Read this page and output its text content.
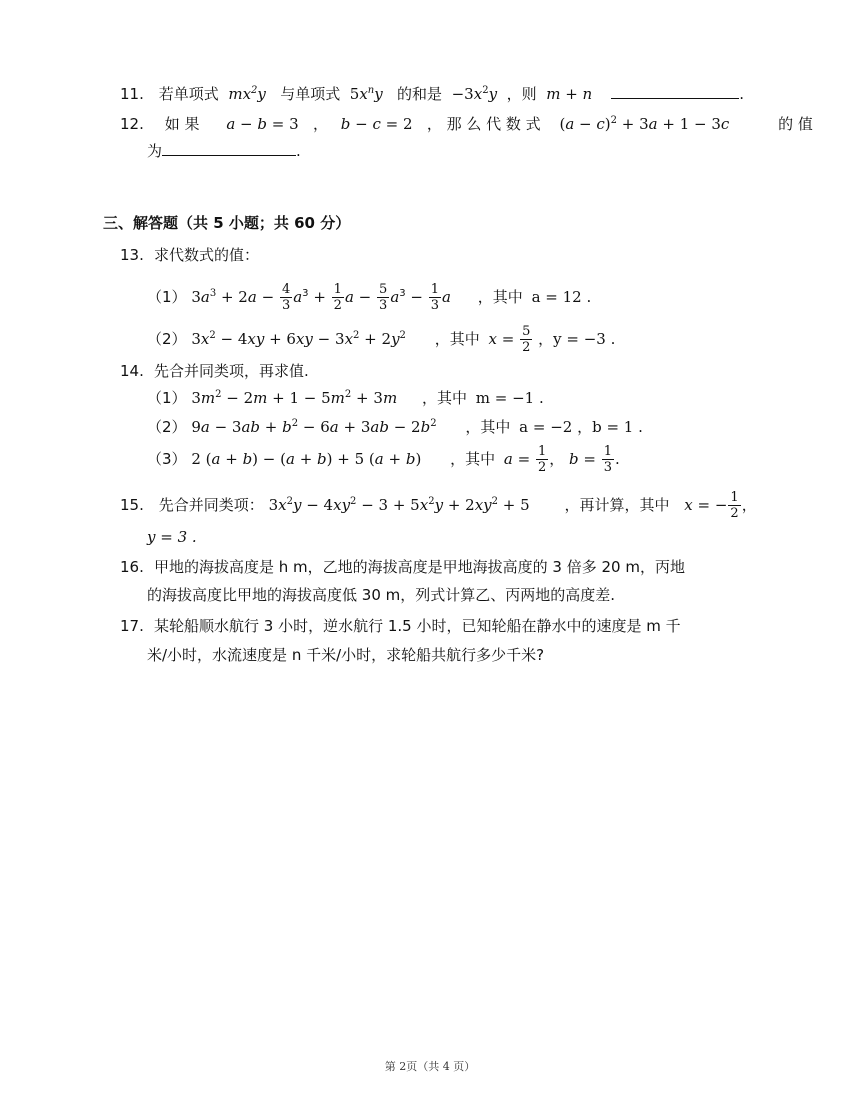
11. 若单项式  $mx^2y$   与单项式  $5x^ny$ 的和是  $-3x^2y$ ，则  m + n	.
12. 如 果 a − b = 3   ， b − c = 2   ， 那 么 代 数 式 $(a - c)^2 + 3a + 1 - 3c$	的 值
为	.
三、解答题（共 5 小题；共 60 分）
13. 求代数式的值：
（1） $3a^3 + 2a - \frac{4}{3} a^3 + \frac{1}{2}$ $a - \frac{5}{3} a^3 - \frac{1}{3}$ a ，其中 a = 12 .
（2） $3x^2 - 4xy + 6xy - 3x^2 + 2y^2$ ，其中 $x = \frac{5}{2}$ ，y = −3 .
14. 先合并同类项，再求值.
（1） $3m^2 - 2m + 1 - 5m^2 + 3m$ ，其中 m = −1 .
（2） $9a - 3ab + b^2 - 6a + 3ab - 2b^2$ ，其中 a = −2 ，b = 1 .
（3） 2 (a + b) − (a + b) + 5 (a + b) ，其中 $a = \frac{1}{2}$ ， $b = \frac{1}{3}$ .
15. 先合并同类项： $3x^2y - 4xy^2 - 3 + 5x^2y + 2xy^2 + 5$ ，再计算，其中 x = − $\frac{1}{2}$ ，
y = 3 .
16. 甲地的海拔高度是 h m，乙地的海拔高度是甲地海拔高度的 3 倍多 20 m，丙地
的海拔高度比甲地的海拔高度低 30 m，列式计算乙、丙两地的高度差.
17. 某轮船顺水航行 3 小时，逆水航行 1.5 小时，已知轮船在静水中的速度是 m 千
米/小时，水流速度是 n 千米/小时，求轮船共航行多少千米?
第 2页（共 4 页）
